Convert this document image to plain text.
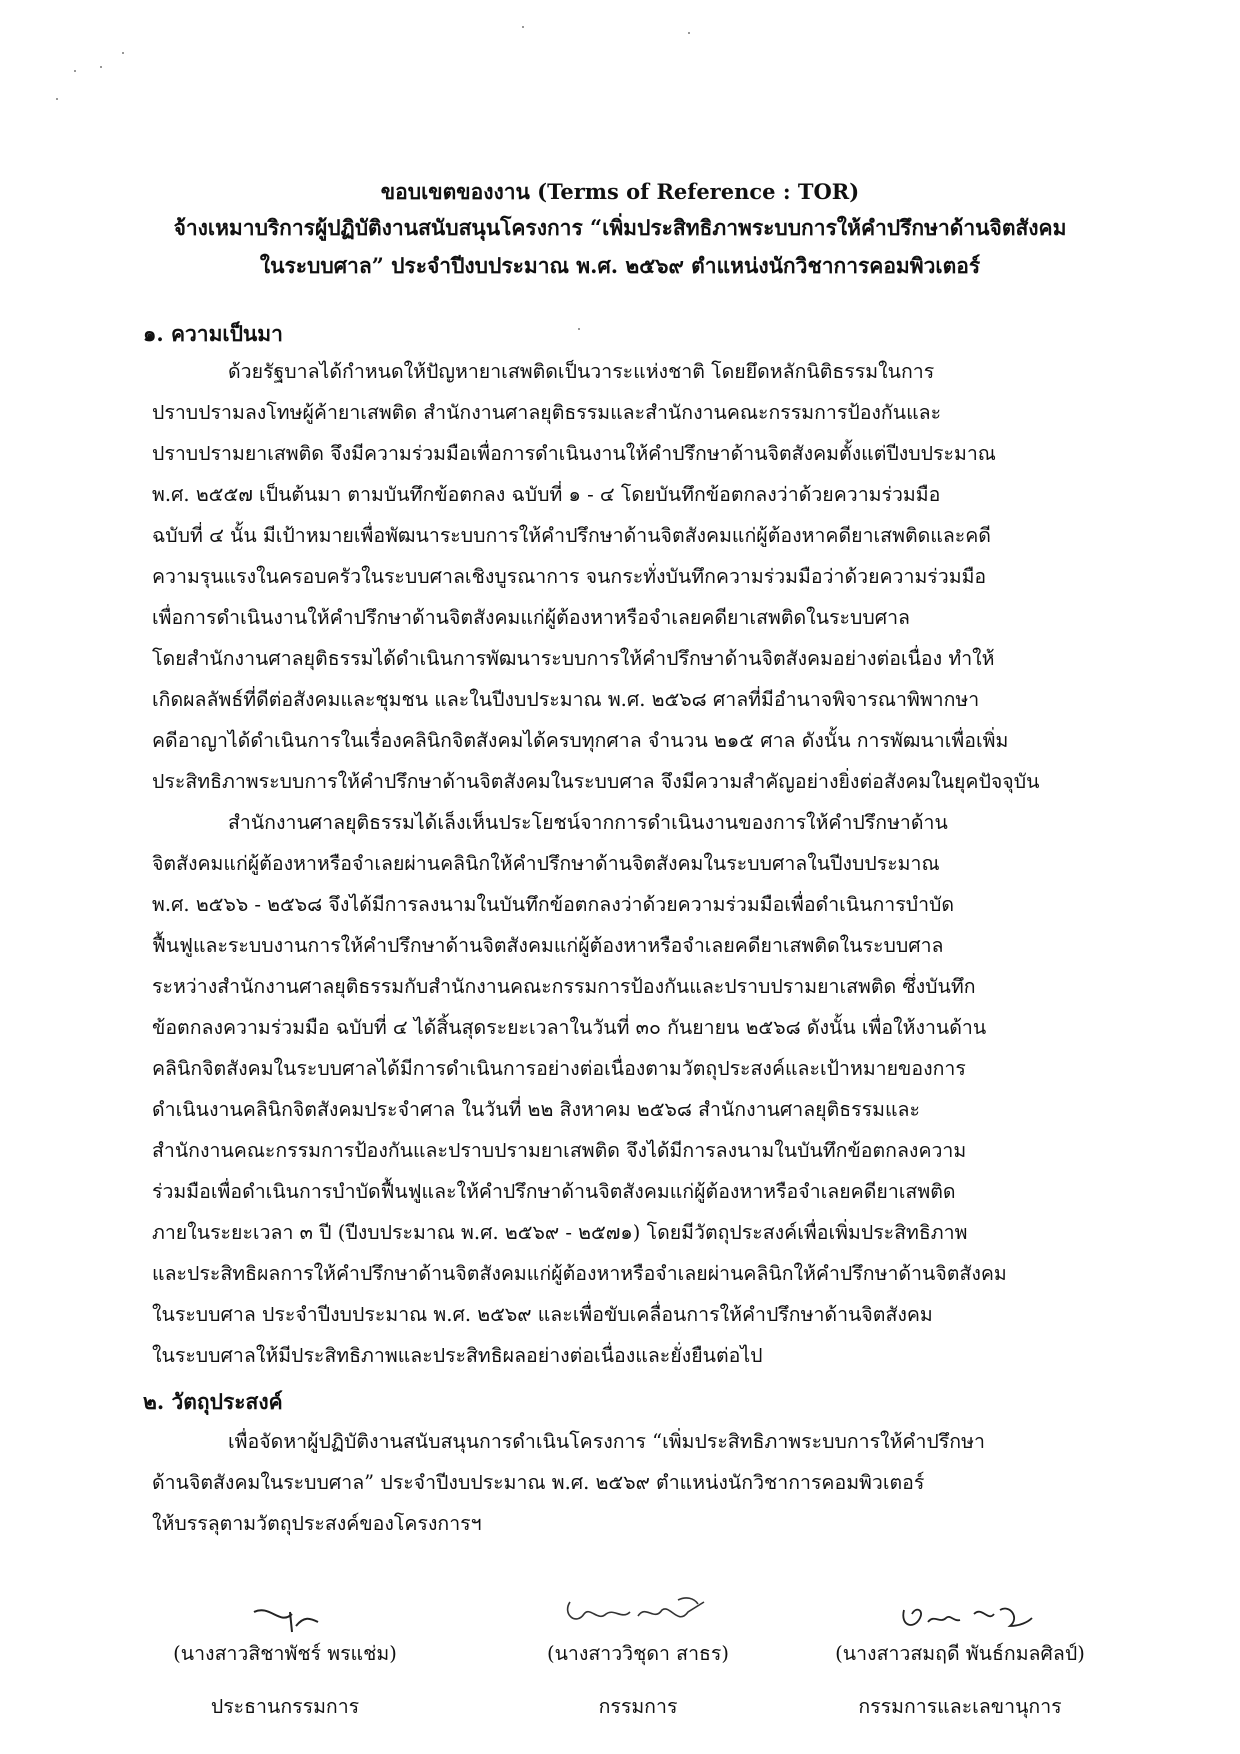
ขอบเขตของงาน (Terms of Reference : TOR)
จ้างเหมาบริการผู้ปฏิบัติงานสนับสนุนโครงการ “เพิ่มประสิทธิภาพระบบการให้คำปรึกษาด้านจิตสังคม
ในระบบศาล” ประจำปีงบประมาณ พ.ศ. ๒๕๖๙ ตำแหน่งนักวิชาการคอมพิวเตอร์
๑. ความเป็นมา
ด้วยรัฐบาลได้กำหนดให้ปัญหายาเสพติดเป็นวาระแห่งชาติ โดยยึดหลักนิติธรรมในการ
ปราบปรามลงโทษผู้ค้ายาเสพติด สำนักงานศาลยุติธรรมและสำนักงานคณะกรรมการป้องกันและ
ปราบปรามยาเสพติด จึงมีความร่วมมือเพื่อการดำเนินงานให้คำปรึกษาด้านจิตสังคมตั้งแต่ปีงบประมาณ
พ.ศ. ๒๕๕๗ เป็นต้นมา ตามบันทึกข้อตกลง ฉบับที่ ๑ - ๔ โดยบันทึกข้อตกลงว่าด้วยความร่วมมือ
ฉบับที่ ๔ นั้น มีเป้าหมายเพื่อพัฒนาระบบการให้คำปรึกษาด้านจิตสังคมแก่ผู้ต้องหาคดียาเสพติดและคดี
ความรุนแรงในครอบครัวในระบบศาลเชิงบูรณาการ จนกระทั่งบันทึกความร่วมมือว่าด้วยความร่วมมือ
เพื่อการดำเนินงานให้คำปรึกษาด้านจิตสังคมแก่ผู้ต้องหาหรือจำเลยคดียาเสพติดในระบบศาล
โดยสำนักงานศาลยุติธรรมได้ดำเนินการพัฒนาระบบการให้คำปรึกษาด้านจิตสังคมอย่างต่อเนื่อง ทำให้
เกิดผลลัพธ์ที่ดีต่อสังคมและชุมชน และในปีงบประมาณ พ.ศ. ๒๕๖๘ ศาลที่มีอำนาจพิจารณาพิพากษา
คดีอาญาได้ดำเนินการในเรื่องคลินิกจิตสังคมได้ครบทุกศาล จำนวน ๒๑๕ ศาล ดังนั้น การพัฒนาเพื่อเพิ่ม
ประสิทธิภาพระบบการให้คำปรึกษาด้านจิตสังคมในระบบศาล จึงมีความสำคัญอย่างยิ่งต่อสังคมในยุคปัจจุบัน
สำนักงานศาลยุติธรรมได้เล็งเห็นประโยชน์จากการดำเนินงานของการให้คำปรึกษาด้าน
จิตสังคมแก่ผู้ต้องหาหรือจำเลยผ่านคลินิกให้คำปรึกษาด้านจิตสังคมในระบบศาลในปีงบประมาณ
พ.ศ. ๒๕๖๖ - ๒๕๖๘ จึงได้มีการลงนามในบันทึกข้อตกลงว่าด้วยความร่วมมือเพื่อดำเนินการบำบัด
ฟื้นฟูและระบบงานการให้คำปรึกษาด้านจิตสังคมแก่ผู้ต้องหาหรือจำเลยคดียาเสพติดในระบบศาล
ระหว่างสำนักงานศาลยุติธรรมกับสำนักงานคณะกรรมการป้องกันและปราบปรามยาเสพติด ซึ่งบันทึก
ข้อตกลงความร่วมมือ ฉบับที่ ๔ ได้สิ้นสุดระยะเวลาในวันที่ ๓๐ กันยายน ๒๕๖๘ ดังนั้น เพื่อให้งานด้าน
คลินิกจิตสังคมในระบบศาลได้มีการดำเนินการอย่างต่อเนื่องตามวัตถุประสงค์และเป้าหมายของการ
ดำเนินงานคลินิกจิตสังคมประจำศาล ในวันที่ ๒๒ สิงหาคม ๒๕๖๘ สำนักงานศาลยุติธรรมและ
สำนักงานคณะกรรมการป้องกันและปราบปรามยาเสพติด จึงได้มีการลงนามในบันทึกข้อตกลงความ
ร่วมมือเพื่อดำเนินการบำบัดฟื้นฟูและให้คำปรึกษาด้านจิตสังคมแก่ผู้ต้องหาหรือจำเลยคดียาเสพติด
ภายในระยะเวลา ๓ ปี (ปีงบประมาณ พ.ศ. ๒๕๖๙ - ๒๕๗๑) โดยมีวัตถุประสงค์เพื่อเพิ่มประสิทธิภาพ
และประสิทธิผลการให้คำปรึกษาด้านจิตสังคมแก่ผู้ต้องหาหรือจำเลยผ่านคลินิกให้คำปรึกษาด้านจิตสังคม
ในระบบศาล ประจำปีงบประมาณ พ.ศ. ๒๕๖๙ และเพื่อขับเคลื่อนการให้คำปรึกษาด้านจิตสังคม
ในระบบศาลให้มีประสิทธิภาพและประสิทธิผลอย่างต่อเนื่องและยั่งยืนต่อไป
๒. วัตถุประสงค์
เพื่อจัดหาผู้ปฏิบัติงานสนับสนุนการดำเนินโครงการ “เพิ่มประสิทธิภาพระบบการให้คำปรึกษา
ด้านจิตสังคมในระบบศาล” ประจำปีงบประมาณ พ.ศ. ๒๕๖๙ ตำแหน่งนักวิชาการคอมพิวเตอร์
ให้บรรลุตามวัตถุประสงค์ของโครงการฯ
(นางสาวสิชาพัชร์ พรแช่ม)
ประธานกรรมการ
(นางสาววิชุดา สาธร)
กรรมการ
(นางสาวสมฤดี พันธ์กมลศิลป์)
กรรมการและเลขานุการ
